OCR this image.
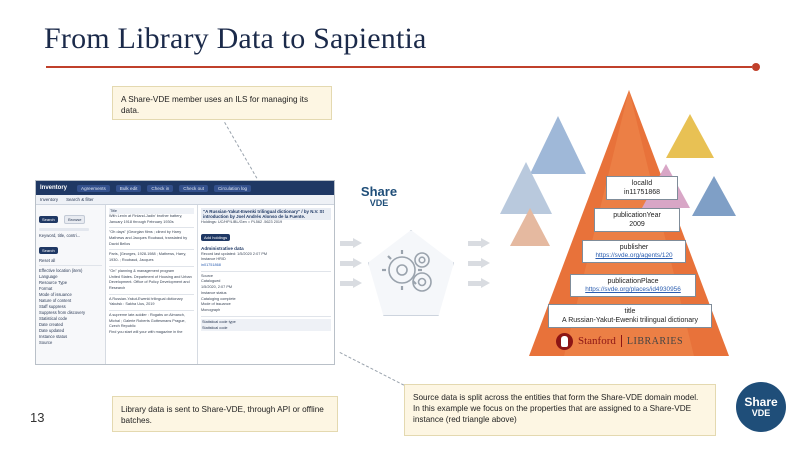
From Library Data to Sapientia
13
A Share-VDE member uses an ILS for managing its data.
Library data is sent to Share-VDE, through API or offline batches.
Source data is split across the entities that form the Share-VDE domain model. In this example we focus on the properties that are assigned to a Share-VDE instance (red triangle above)
Inventory	Agreements	Bulk edit	Check in	Check out	Circulation log
Inventory Search & filter
Search	Browse
Keyword, title, contri...
Search
Reset all
Effective location (item)
Language
Resource Type
Format
Mode of issuance
Nature of content
Staff suppress
Suppress from discovery
Statistical code
Date created
Date updated
Instance status
Source
Title
With Lenin at Finland-Jadin' brother battery, January 1918 through February 1930s
"Oh days" (Georgian films ; clined by Harry Mathews and Jacques Roubaud, translated by David Bellos
Paris, [Georges, 1928-1988 ; Mathews, Harry, 1930- ; Roubaud, Jacques
"On" planning & management program
United States. Department of Housing and Urban Development. Office of Policy Development and Research
A Russian-Yakut-Ewenki trilingual dictionary
Yakutsk : Sakha Uus, 2019
A supreme late-soldier : Rogabs on Almanch, Michal ; Galerie Roberts Gottesmans Prague, Czech Republic
Find you start will your with magazine in the
"A Russian-Yakut-Ewenki trilingual dictionary" / by N.V. St introduction by Joel Andrés Alonso de la Fuente.
Holdings: UC/HP/LIBL/Gen = PL562 .5623 2019
Add holdings
Administrative data
Record last updated: 1/5/2020 2:07 PM
Instance HRID
in01751868
Source
Catalogued
1/5/2020, 2:07 PM
Instance status
Cataloging complete
Mode of issuance
Monograph
Statistical code type
Statistical code
Share
VDE
localId
in11751868
publicationYear
2009
publisher
https://svde.org/agents/120
publicationPlace
https://svde.org/places/id4930956
title
A Russian-Yakut-Ewenki trilingual dictionary
Stanford LIBRARIES
Share
VDE
